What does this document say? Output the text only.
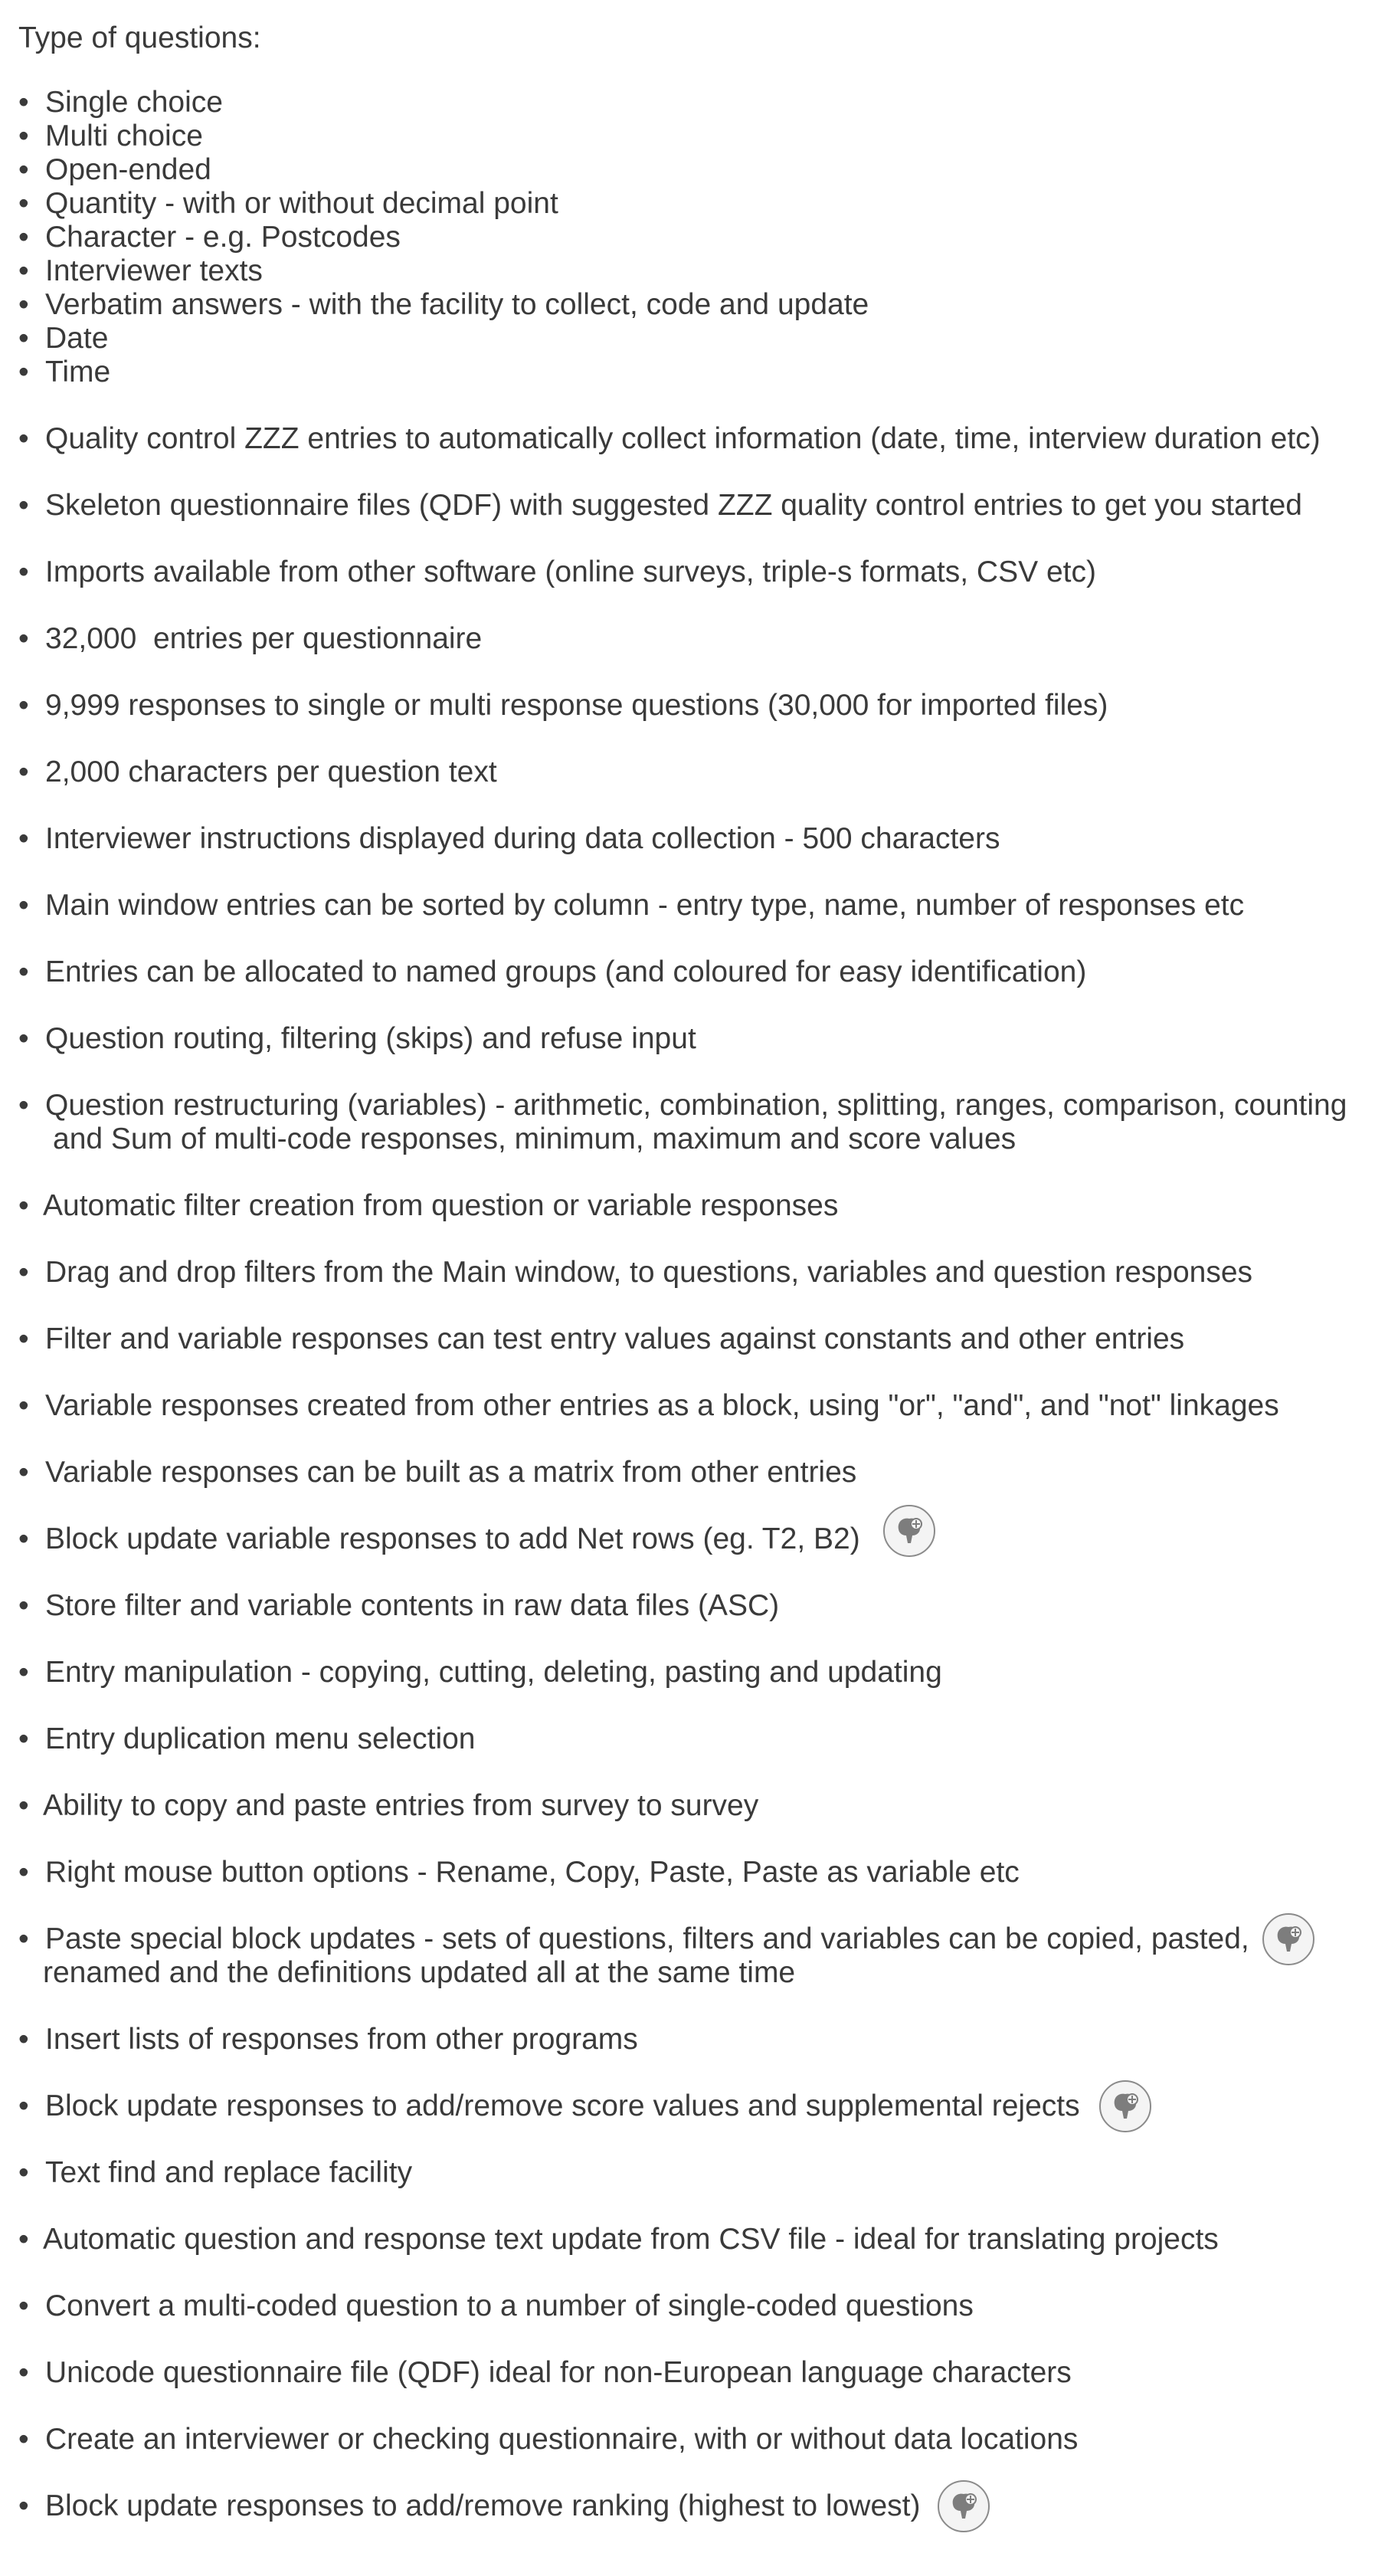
Type of questions:
• Single choice
• Multi choice
• Open-ended
• Quantity - with or without decimal point
• Character - e.g. Postcodes
• Interviewer texts
• Verbatim answers - with the facility to collect, code and update
• Date
• Time
• Quality control ZZZ entries to automatically collect information (date, time, interview duration etc)
• Skeleton questionnaire files (QDF) with suggested ZZZ quality control entries to get you started
• Imports available from other software (online surveys, triple-s formats, CSV etc)
• 32,000  entries per questionnaire
• 9,999 responses to single or multi response questions (30,000 for imported files)
• 2,000 characters per question text
• Interviewer instructions displayed during data collection - 500 characters
• Main window entries can be sorted by column - entry type, name, number of responses etc
• Entries can be allocated to named groups (and coloured for easy identification)
• Question routing, filtering (skips) and refuse input
• Question restructuring (variables) - arithmetic, combination, splitting, ranges, comparison, counting
and Sum of multi-code responses, minimum, maximum and score values
• Automatic filter creation from question or variable responses
• Drag and drop filters from the Main window, to questions, variables and question responses
• Filter and variable responses can test entry values against constants and other entries
• Variable responses created from other entries as a block, using "or", "and", and "not" linkages
• Variable responses can be built as a matrix from other entries
• Block update variable responses to add Net rows (eg. T2, B2)
• Store filter and variable contents in raw data files (ASC)
• Entry manipulation - copying, cutting, deleting, pasting and updating
• Entry duplication menu selection
• Ability to copy and paste entries from survey to survey
• Right mouse button options - Rename, Copy, Paste, Paste as variable etc
• Paste special block updates - sets of questions, filters and variables can be copied, pasted,
renamed and the definitions updated all at the same time
• Insert lists of responses from other programs
• Block update responses to add/remove score values and supplemental rejects
• Text find and replace facility
• Automatic question and response text update from CSV file - ideal for translating projects
• Convert a multi-coded question to a number of single-coded questions
• Unicode questionnaire file (QDF) ideal for non-European language characters
• Create an interviewer or checking questionnaire, with or without data locations
• Block update responses to add/remove ranking (highest to lowest)
